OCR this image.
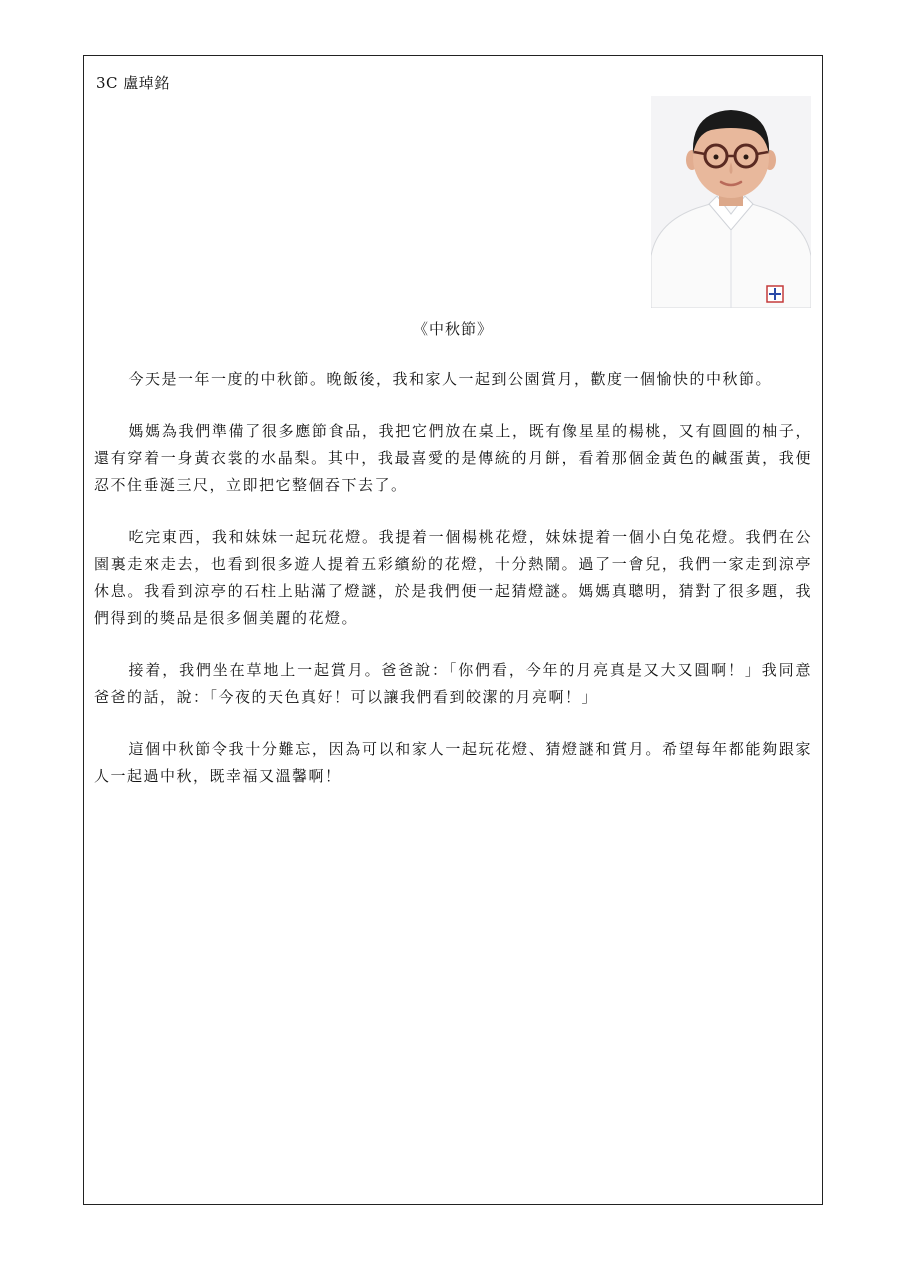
3C 盧琸銘
《中秋節》

今天是一年一度的中秋節。晚飯後，我和家人一起到公園賞月，歡度一個愉快的中秋節。

媽媽為我們準備了很多應節食品，我把它們放在桌上，既有像星星的楊桃，又有圓圓的柚子，還有穿着一身黃衣裳的水晶梨。其中，我最喜愛的是傳統的月餅，看着那個金黃色的鹹蛋黃，我便忍不住垂涎三尺，立即把它整個吞下去了。

吃完東西，我和妹妹一起玩花燈。我提着一個楊桃花燈，妹妹提着一個小白兔花燈。我們在公園裏走來走去，也看到很多遊人提着五彩繽紛的花燈，十分熱鬧。過了一會兒，我們一家走到涼亭休息。我看到涼亭的石柱上貼滿了燈謎，於是我們便一起猜燈謎。媽媽真聰明，猜對了很多題，我們得到的獎品是很多個美麗的花燈。

接着，我們坐在草地上一起賞月。爸爸說：「你們看，今年的月亮真是又大又圓啊！」我同意爸爸的話，說：「今夜的天色真好！可以讓我們看到皎潔的月亮啊！」

這個中秋節令我十分難忘，因為可以和家人一起玩花燈、猜燈謎和賞月。希望每年都能夠跟家人一起過中秋，既幸福又溫馨啊！
